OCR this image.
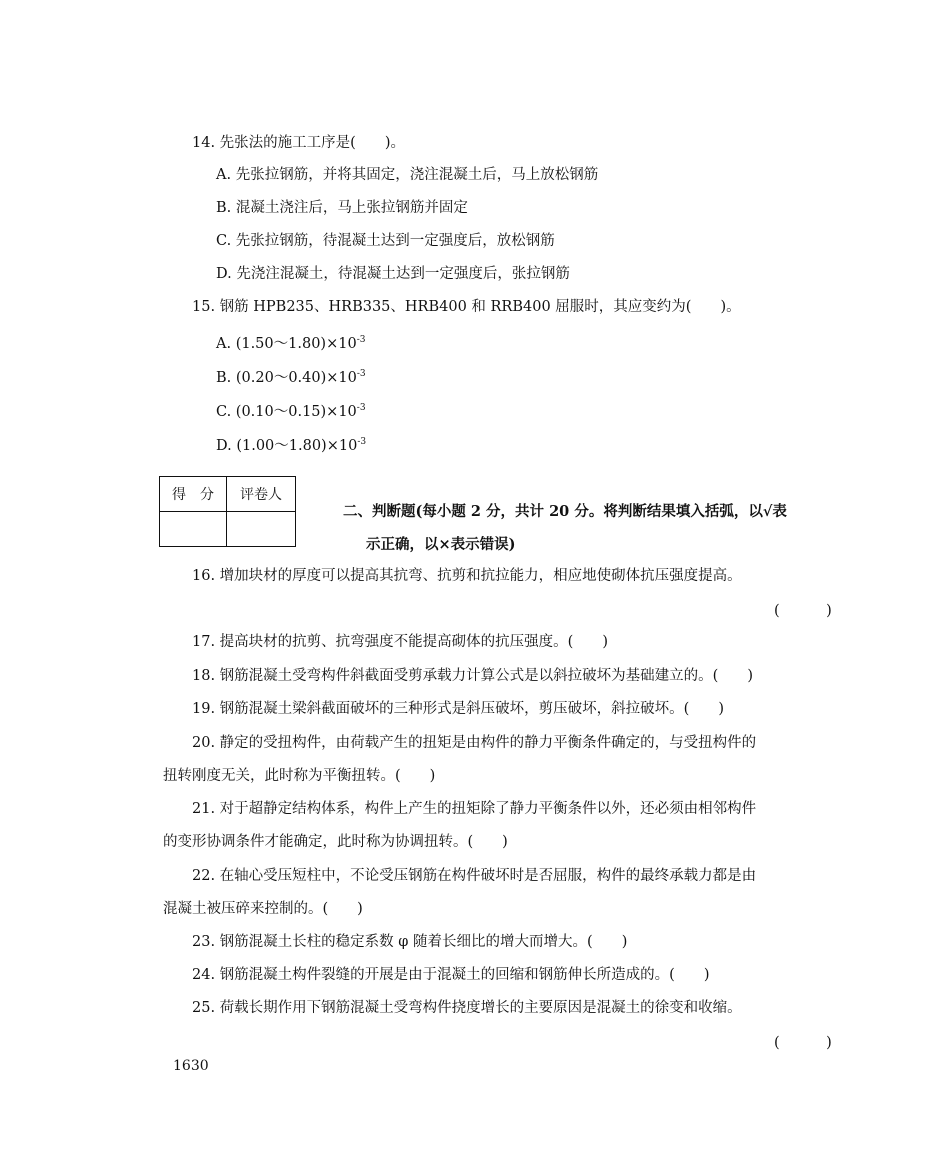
14. 先张法的施工工序是(　　)。
A. 先张拉钢筋，并将其固定，浇注混凝土后，马上放松钢筋
B. 混凝土浇注后，马上张拉钢筋并固定
C. 先张拉钢筋，待混凝土达到一定强度后，放松钢筋
D. 先浇注混凝土，待混凝土达到一定强度后，张拉钢筋
15. 钢筋 HPB235、HRB335、HRB400 和 RRB400 屈服时，其应变约为(　　)。
A. $(1.50\sim 1.80)\times 10^{-3}$
B. $(0.20\sim 0.40)\times 10^{-3}$
C. $(0.10\sim 0.15)\times 10^{-3}$
D. $(1.00\sim 1.80)\times 10^{-3}$
得　分	评卷人

二、判断题(每小题 2 分，共计 20 分。将判断结果填入括弧，以√表
示正确，以×表示错误)
16. 增加块材的厚度可以提高其抗弯、抗剪和抗拉能力，相应地使砌体抗压强度提高。
(　)
17. 提高块材的抗剪、抗弯强度不能提高砌体的抗压强度。(　　)
18. 钢筋混凝土受弯构件斜截面受剪承载力计算公式是以斜拉破坏为基础建立的。(　　)
19. 钢筋混凝土梁斜截面破坏的三种形式是斜压破坏，剪压破坏，斜拉破坏。(　　)
20. 静定的受扭构件，由荷载产生的扭矩是由构件的静力平衡条件确定的，与受扭构件的
扭转刚度无关，此时称为平衡扭转。(　　)
21. 对于超静定结构体系，构件上产生的扭矩除了静力平衡条件以外，还必须由相邻构件
的变形协调条件才能确定，此时称为协调扭转。(　　)
22. 在轴心受压短柱中，不论受压钢筋在构件破坏时是否屈服，构件的最终承载力都是由
混凝土被压碎来控制的。(　　)
23. 钢筋混凝土长柱的稳定系数 φ 随着长细比的增大而增大。(　　)
24. 钢筋混凝土构件裂缝的开展是由于混凝土的回缩和钢筋伸长所造成的。(　　)
25. 荷载长期作用下钢筋混凝土受弯构件挠度增长的主要原因是混凝土的徐变和收缩。
(　)
1630
